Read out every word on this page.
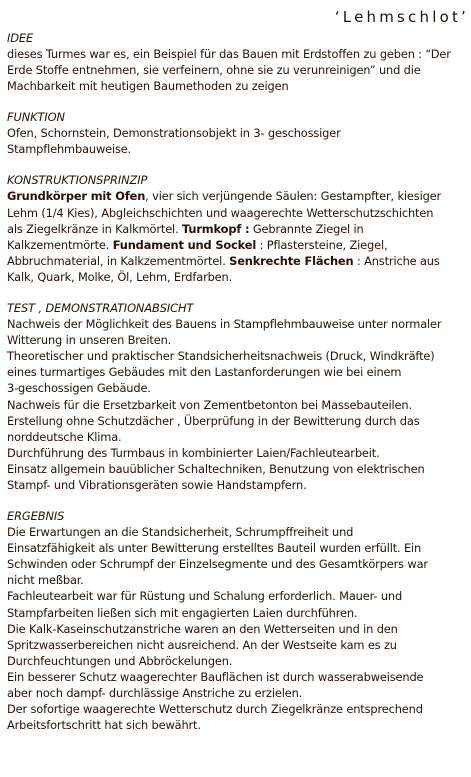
‘Lehmschlot’

IDEE

dieses Turmes war es, ein Beispiel für das Bauen mit Erdstoffen zu geben : “Der

Erde Stoffe entnehmen, sie verfeinern, ohne sie zu verunreinigen” und die

Machbarkeit mit heutigen Baumethoden zu zeigen

FUNKTION

Ofen, Schornstein, Demonstrationsobjekt in 3- geschossiger

Stampflehmbauweise.

KONSTRUKTIONSPRINZIP

Grundkörper mit Ofen, vier sich verjüngende Säulen: Gestampfter, kiesiger

Lehm (1/4 Kies), Abgleichschichten und waagerechte Wetterschutzschichten

als Ziegelkränze in Kalkmörtel. Turmkopf : Gebrannte Ziegel in

Kalkzementmörte. Fundament und Sockel : Pflastersteine, Ziegel,

Abbruchmaterial, in Kalkzementmörtel. Senkrechte Flächen : Anstriche aus

Kalk, Quark, Molke, Öl, Lehm, Erdfarben.

TEST , DEMONSTRATIONABSICHT

Nachweis der Möglichkeit des Bauens in Stampflehmbauweise unter normaler

Witterung in unseren Breiten.

Theoretischer und praktischer Standsicherheitsnachweis (Druck, Windkräfte)

eines turmartiges Gebäudes mit den Lastanforderungen wie bei einem

3-geschossigen Gebäude.

Nachweis für die Ersetzbarkeit von Zementbetonton bei Massebauteilen.

Erstellung ohne Schutzdächer , Überprüfung in der Bewitterung durch das

norddeutsche Klima.

Durchführung des Turmbaus in kombinierter Laien/Fachleutearbeit.

Einsatz allgemein bauüblicher Schaltechniken, Benutzung von elektrischen

Stampf- und Vibrationsgeräten sowie Handstampfern.

ERGEBNIS

Die Erwartungen an die Standsicherheit, Schrumpffreiheit und

Einsatzfähigkeit als unter Bewitterung erstelltes Bauteil wurden erfüllt. Ein

Schwinden oder Schrumpf der Einzelsegmente und des Gesamtkörpers war

nicht meßbar.

Fachleutearbeit war für Rüstung und Schalung erforderlich. Mauer- und

Stampfarbeiten ließen sich mit engagierten Laien durchführen.

Die Kalk-Kaseinschutzanstriche waren an den Wetterseiten und in den

Spritzwasserbereichen nicht ausreichend. An der Westseite kam es zu

Durchfeuchtungen und Abbröckelungen.

Ein besserer Schutz waagerechter Bauflächen ist durch wasserabweisende

aber noch dampf- durchlässige Anstriche zu erzielen.

Der sofortige waagerechte Wetterschutz durch Ziegelkränze entsprechend

Arbeitsfortschritt hat sich bewährt.
